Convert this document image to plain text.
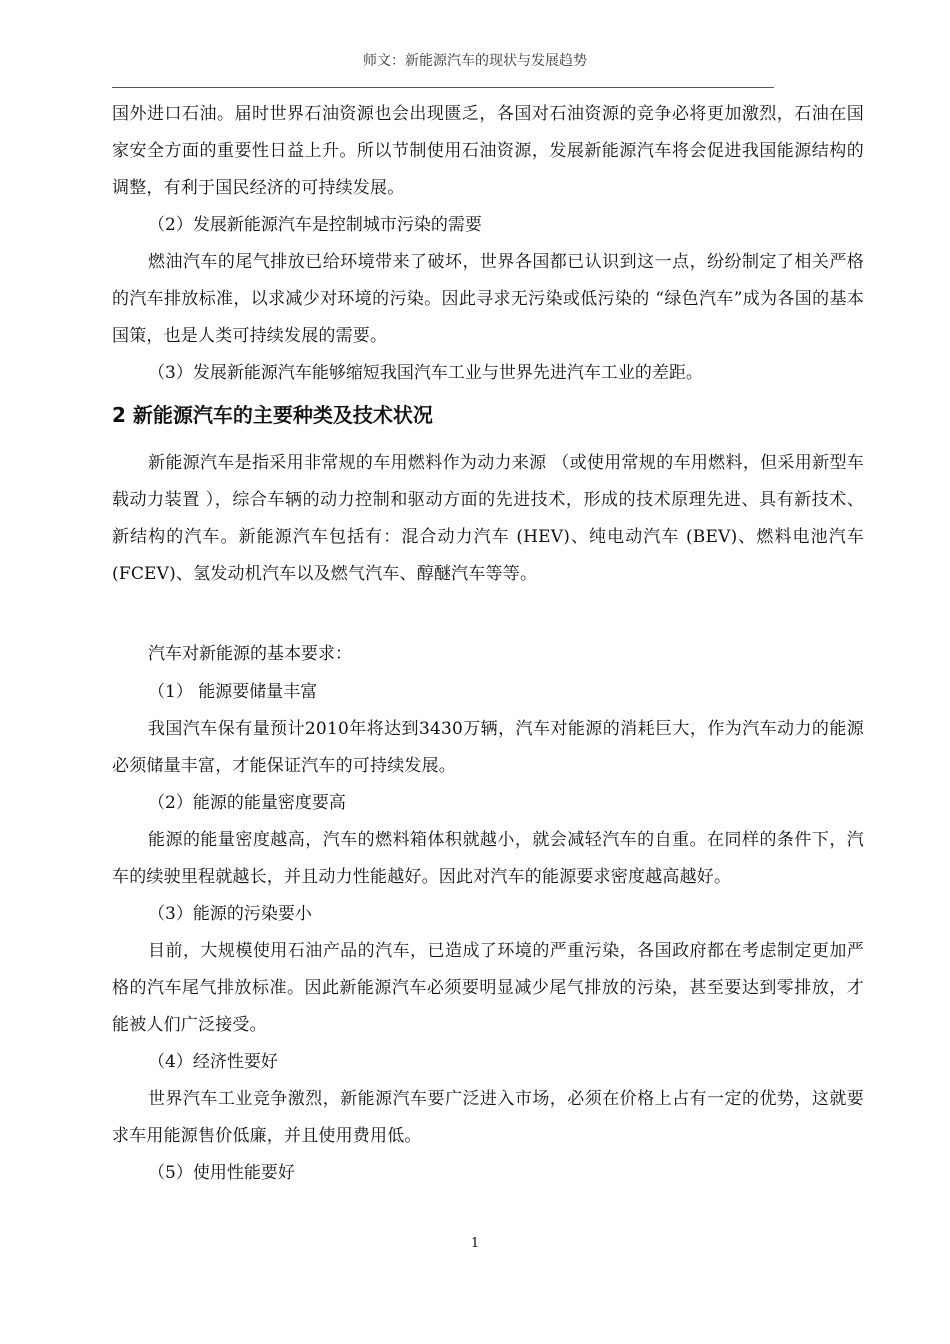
师文：新能源汽车的现状与发展趋势

国外进口石油。届时世界石油资源也会出现匮乏，各国对石油资源的竞争必将更加激烈，石油在国家安全方面的重要性日益上升。所以节制使用石油资源，发展新能源汽车将会促进我国能源结构的调整，有利于国民经济的可持续发展。

（2）发展新能源汽车是控制城市污染的需要

燃油汽车的尾气排放已给环境带来了破坏，世界各国都已认识到这一点，纷纷制定了相关严格的汽车排放标准，以求减少对环境的污染。因此寻求无污染或低污染的 “绿色汽车”成为各国的基本国策，也是人类可持续发展的需要。

（3）发展新能源汽车能够缩短我国汽车工业与世界先进汽车工业的差距。

2 新能源汽车的主要种类及技术状况

新能源汽车是指采用非常规的车用燃料作为动力来源 （或使用常规的车用燃料，但采用新型车载动力装置 ），综合车辆的动力控制和驱动方面的先进技术，形成的技术原理先进、具有新技术、新结构的汽车。新能源汽车包括有：混合动力汽车 (HEV)、纯电动汽车 (BEV)、燃料电池汽车 (FCEV)、氢发动机汽车以及燃气汽车、醇醚汽车等等。

汽车对新能源的基本要求：

（1） 能源要储量丰富

我国汽车保有量预计2010年将达到3430万辆，汽车对能源的消耗巨大，作为汽车动力的能源必须储量丰富，才能保证汽车的可持续发展。

（2）能源的能量密度要高

能源的能量密度越高，汽车的燃料箱体积就越小，就会减轻汽车的自重。在同样的条件下，汽车的续驶里程就越长，并且动力性能越好。因此对汽车的能源要求密度越高越好。

（3）能源的污染要小

目前，大规模使用石油产品的汽车，已造成了环境的严重污染，各国政府都在考虑制定更加严格的汽车尾气排放标准。因此新能源汽车必须要明显减少尾气排放的污染，甚至要达到零排放，才能被人们广泛接受。

（4）经济性要好

世界汽车工业竞争激烈，新能源汽车要广泛进入市场，必须在价格上占有一定的优势，这就要求车用能源售价低廉，并且使用费用低。

（5）使用性能要好

1
